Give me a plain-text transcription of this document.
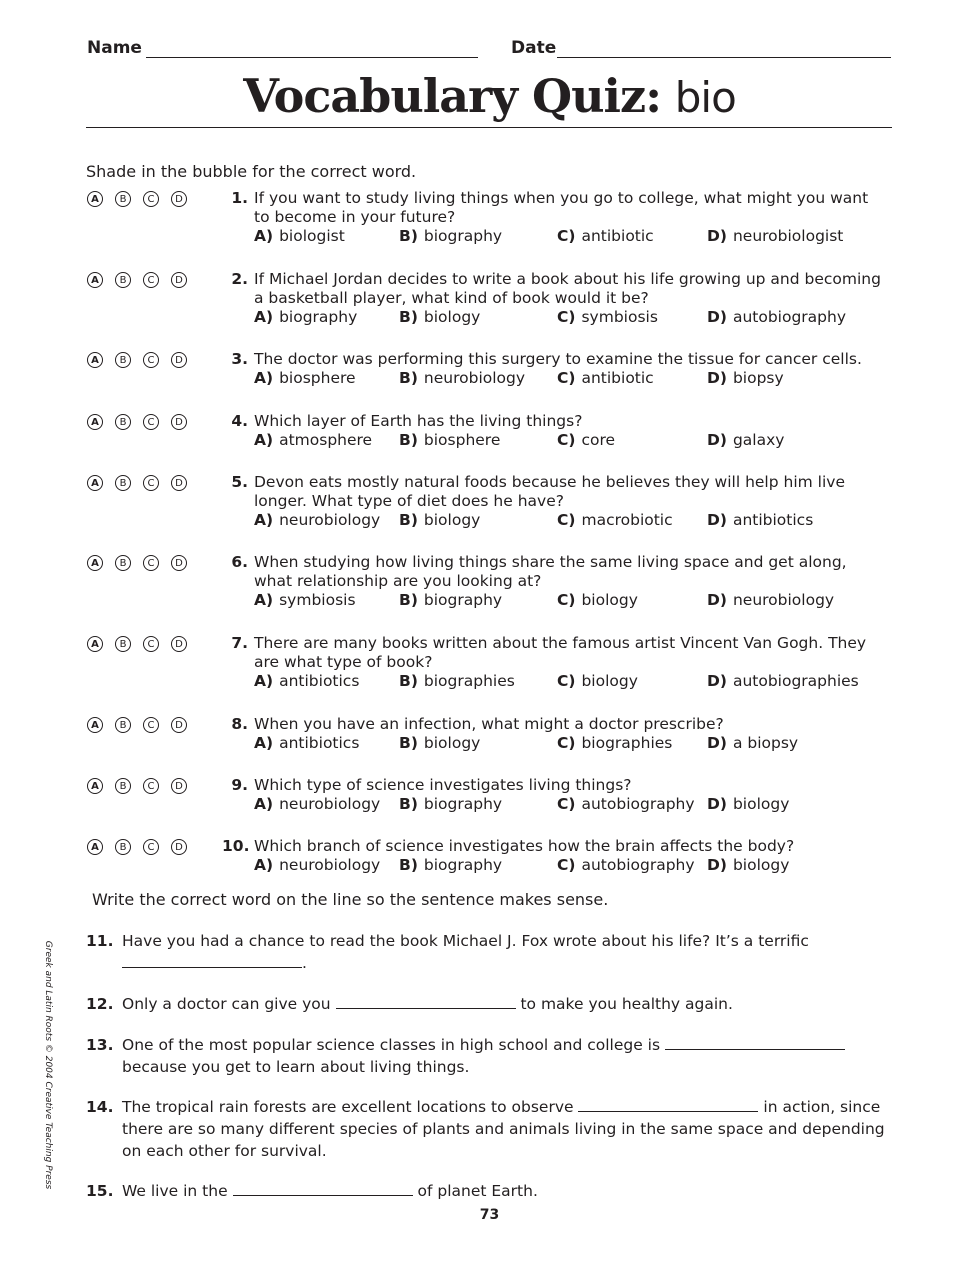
Name	Date
Vocabulary Quiz: bio
Shade in the bubble for the correct word.
A	B	C	D	1. If you want to study living things when you go to college, what might you want to become in your future?
A) biologist	B) biography	C) antibiotic	D) neurobiologist
A	B	C	D	2. If Michael Jordan decides to write a book about his life growing up and becoming a basketball player, what kind of book would it be?
A) biography	B) biology	C) symbiosis	D) autobiography
A	B	C	D	3. The doctor was performing this surgery to examine the tissue for cancer cells.
A) biosphere	B) neurobiology C) antibiotic	D) biopsy
A	B	C	D	4. Which layer of Earth has the living things?
A) atmosphere B) biosphere	C) core	D) galaxy
A	B	C	D	5. Devon eats mostly natural foods because he believes they will help him live longer. What type of diet does he have?
A) neurobiology B) biology	C) macrobiotic D) antibiotics
A	B	C	D	6. When studying how living things share the same living space and get along, what relationship are you looking at?
A) symbiosis	B) biography	C) biology	D) neurobiology
A	B	C	D	7. There are many books written about the famous artist Vincent Van Gogh. They are what type of book?
A) antibiotics	B) biographies	C) biology	D) autobiographies
A	B	C	D	8. When you have an infection, what might a doctor prescribe?
A) antibiotics	B) biology	C) biographies D) a biopsy
A	B	C	D	9. Which type of science investigates living things?
A) neurobiology B) biography	C) autobiography D) biology
A	B	C	D	10. Which branch of science investigates how the brain affects the body?
A) neurobiology B) biography	C) autobiography D) biology
Write the correct word on the line so the sentence makes sense.
11. Have you had a chance to read the book Michael J. Fox wrote about his life? It’s a terrific .
12. Only a doctor can give you	to make you healthy again.
13. One of the most popular science classes in high school and college is  because you get to learn about living things.
14. The tropical rain forests are excellent locations to observe	in action, since there are so many different species of plants and animals living in the same space and depending on each other for survival.
15. We live in the	of planet Earth.
Greek and Latin Roots © 2004 Creative Teaching Press
73
